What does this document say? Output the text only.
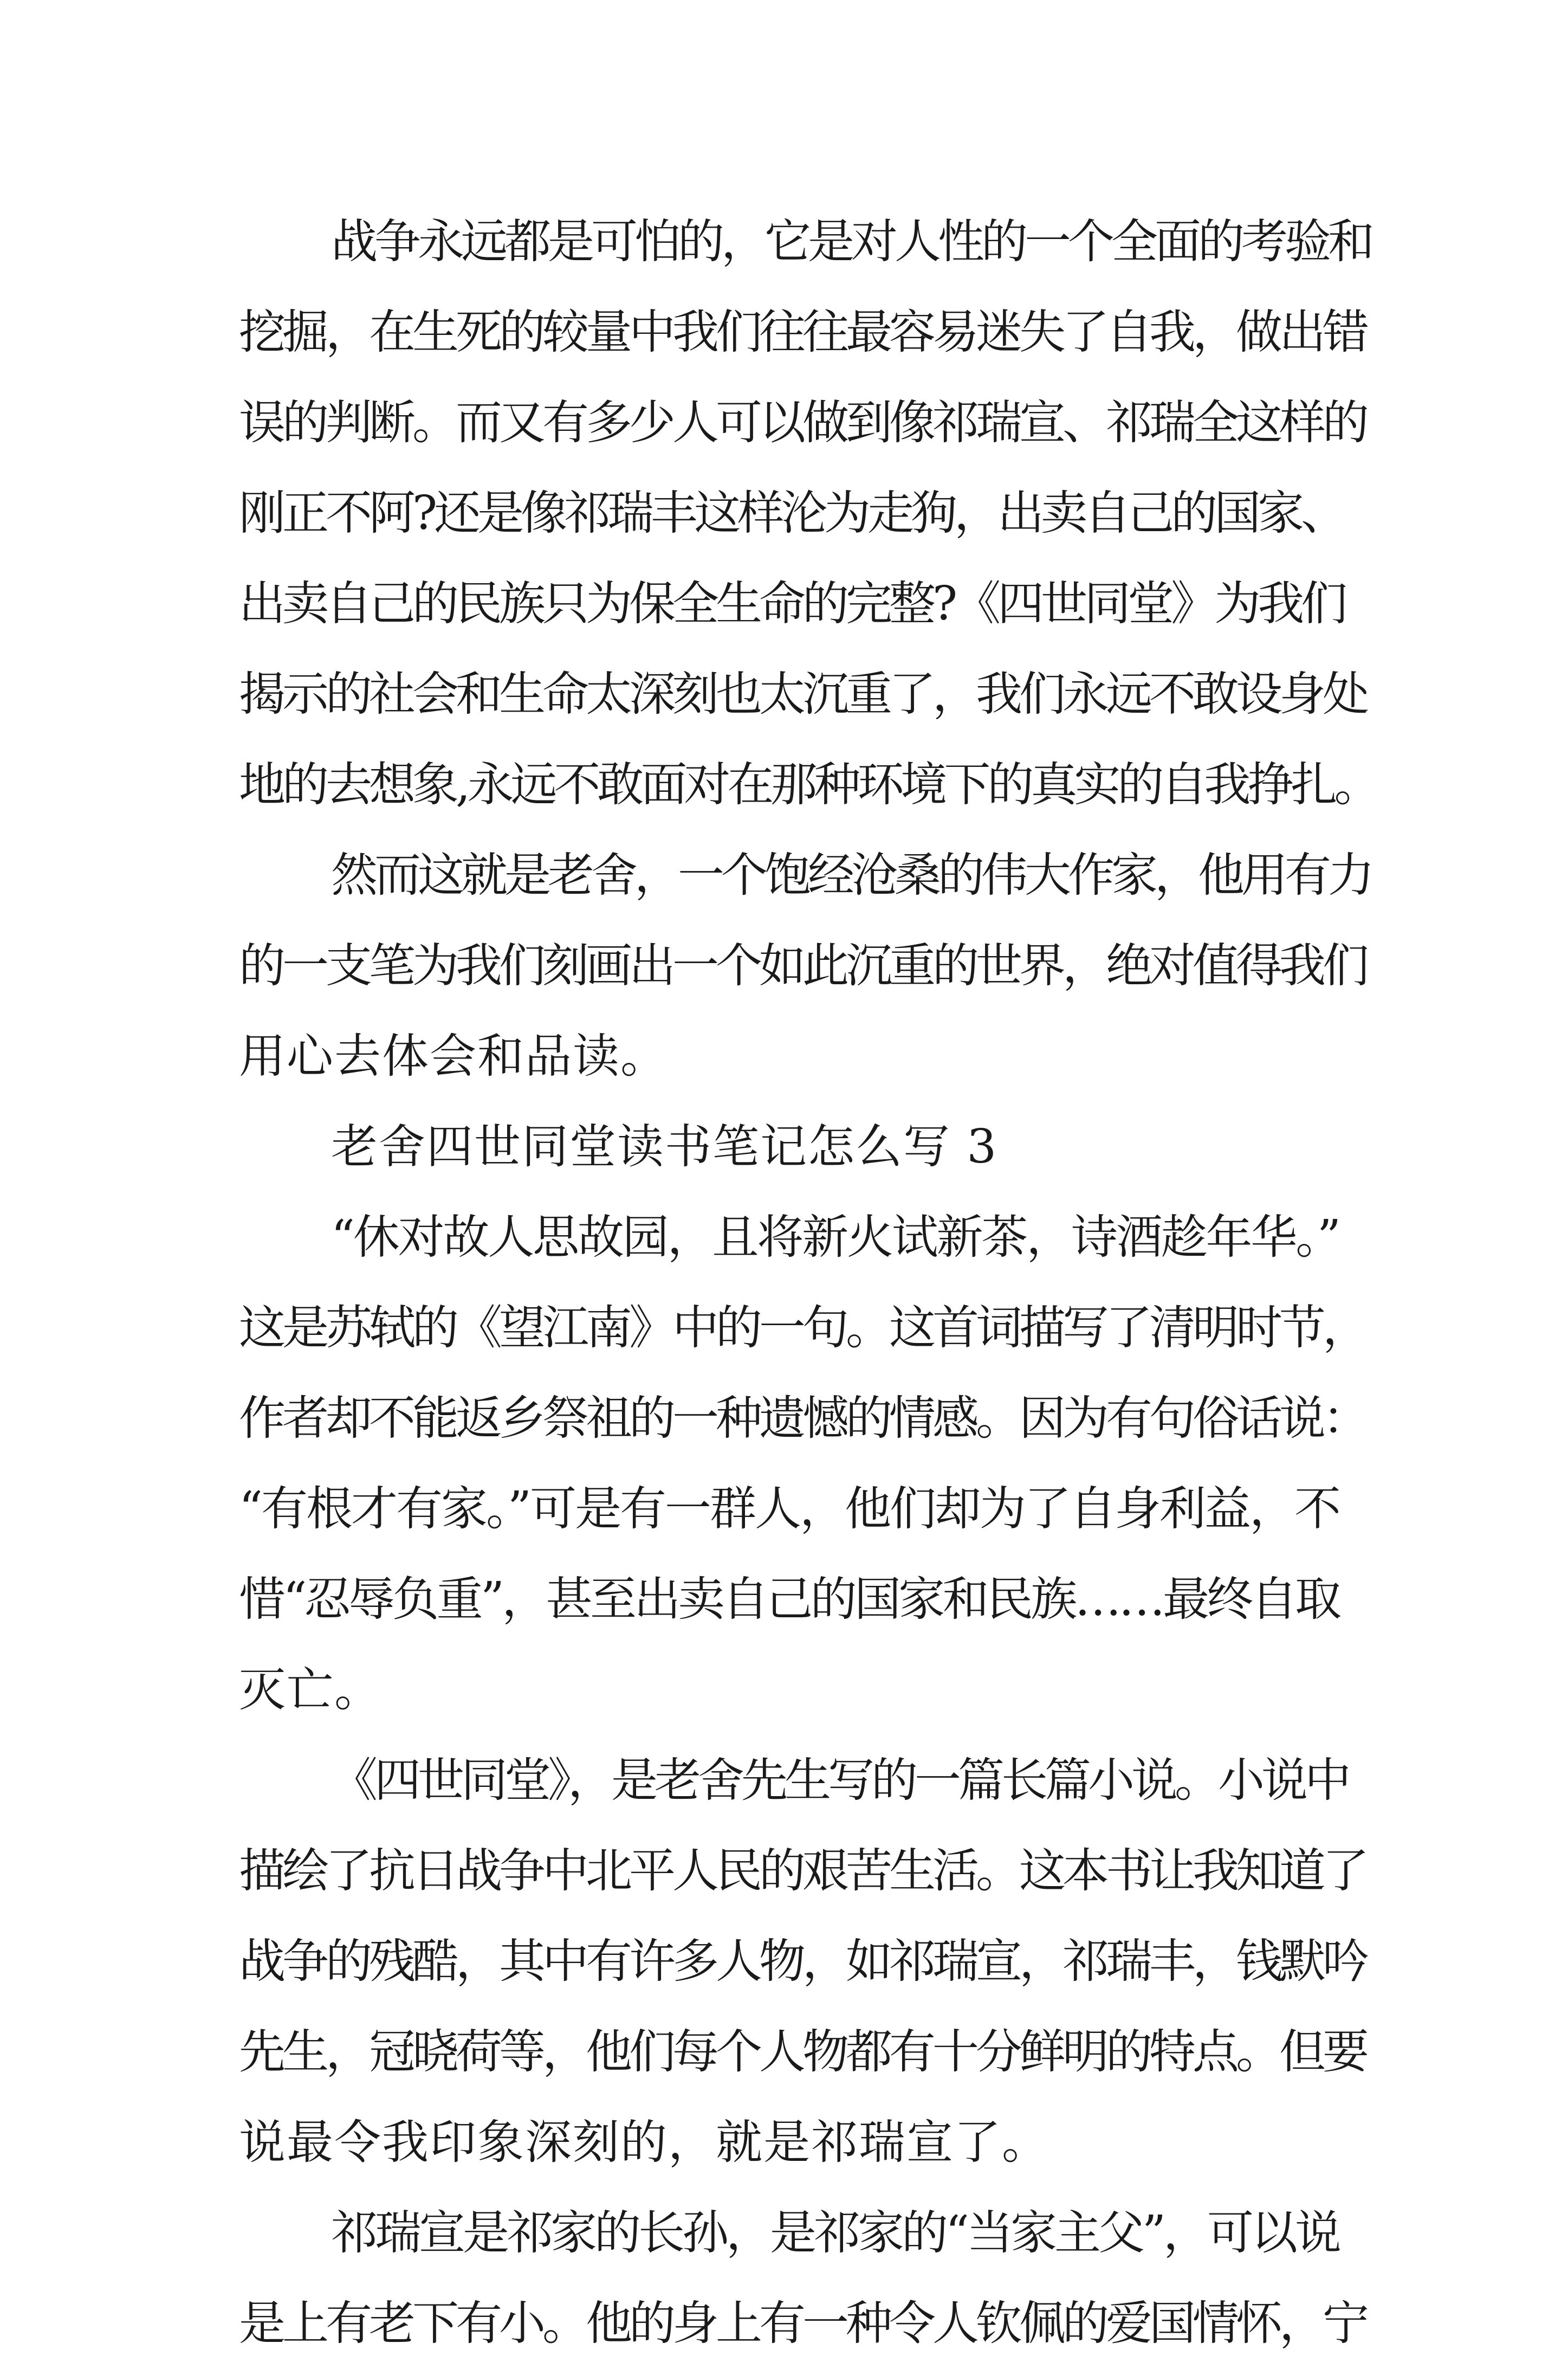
战争永远都是可怕的，它是对人性的一个全面的考验和
挖掘，在生死的较量中我们往往最容易迷失了自我，做出错
误的判断。而又有多少人可以做到像祁瑞宣、祁瑞全这样的
刚正不阿?还是像祁瑞丰这样沦为走狗，出卖自己的国家、
出卖自己的民族只为保全生命的完整?《四世同堂》为我们
揭示的社会和生命太深刻也太沉重了，我们永远不敢设身处
地的去想象,永远不敢面对在那种环境下的真实的自我挣扎。
然而这就是老舍，一个饱经沧桑的伟大作家，他用有力
的一支笔为我们刻画出一个如此沉重的世界，绝对值得我们
用心去体会和品读。
老舍四世同堂读书笔记怎么写 3
“休对故人思故园，且将新火试新茶，诗酒趁年华。”
这是苏轼的《望江南》中的一句。这首词描写了清明时节，
作者却不能返乡祭祖的一种遗憾的情感。因为有句俗话说：
“有根才有家。”可是有一群人，他们却为了自身利益，不
惜“忍辱负重”，甚至出卖自己的国家和民族……最终自取
灭亡。
《四世同堂》，是老舍先生写的一篇长篇小说。小说中
描绘了抗日战争中北平人民的艰苦生活。这本书让我知道了
战争的残酷，其中有许多人物，如祁瑞宣，祁瑞丰，钱默吟
先生，冠晓荷等，他们每个人物都有十分鲜明的特点。但要
说最令我印象深刻的，就是祁瑞宣了。
祁瑞宣是祁家的长孙，是祁家的“当家主父”，可以说
是上有老下有小。他的身上有一种令人钦佩的爱国情怀，宁
